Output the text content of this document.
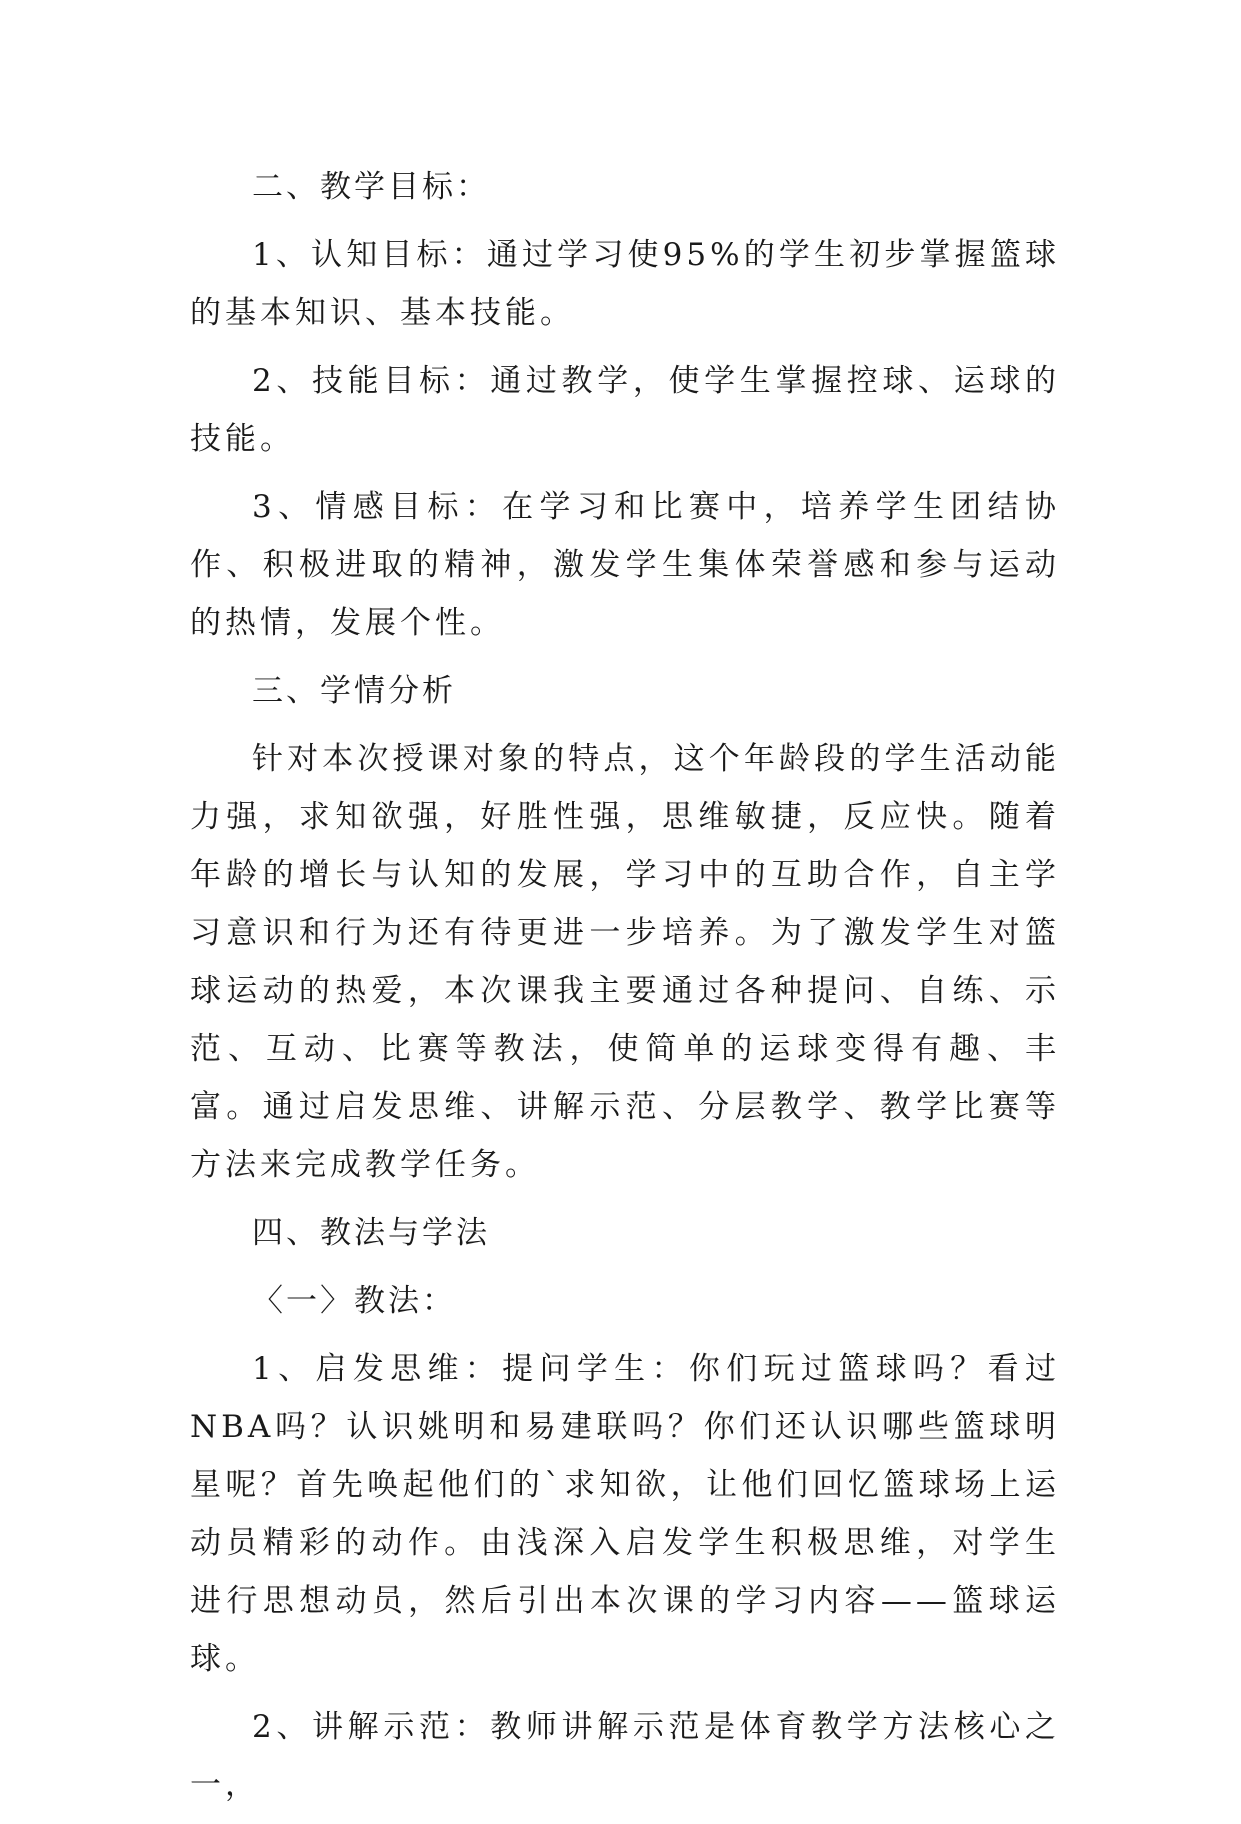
二、教学目标：

1、认知目标：通过学习使95%的学生初步掌握篮球的基本知识、基本技能。

2、技能目标：通过教学，使学生掌握控球、运球的技能。

3、情感目标：在学习和比赛中，培养学生团结协作、积极进取的精神，激发学生集体荣誉感和参与运动的热情，发展个性。

三、学情分析

针对本次授课对象的特点，这个年龄段的学生活动能力强，求知欲强，好胜性强，思维敏捷，反应快。随着年龄的增长与认知的发展，学习中的互助合作，自主学习意识和行为还有待更进一步培养。为了激发学生对篮球运动的热爱，本次课我主要通过各种提问、自练、示范、互动、比赛等教法，使简单的运球变得有趣、丰富。通过启发思维、讲解示范、分层教学、教学比赛等方法来完成教学任务。

四、教法与学法

〈一〉教法：

1、启发思维：提问学生：你们玩过篮球吗？看过NBA吗？认识姚明和易建联吗？你们还认识哪些篮球明星呢？首先唤起他们的`求知欲，让他们回忆篮球场上运动员精彩的动作。由浅深入启发学生积极思维，对学生进行思想动员，然后引出本次课的学习内容——篮球运球。

2、讲解示范：教师讲解示范是体育教学方法核心之一，
